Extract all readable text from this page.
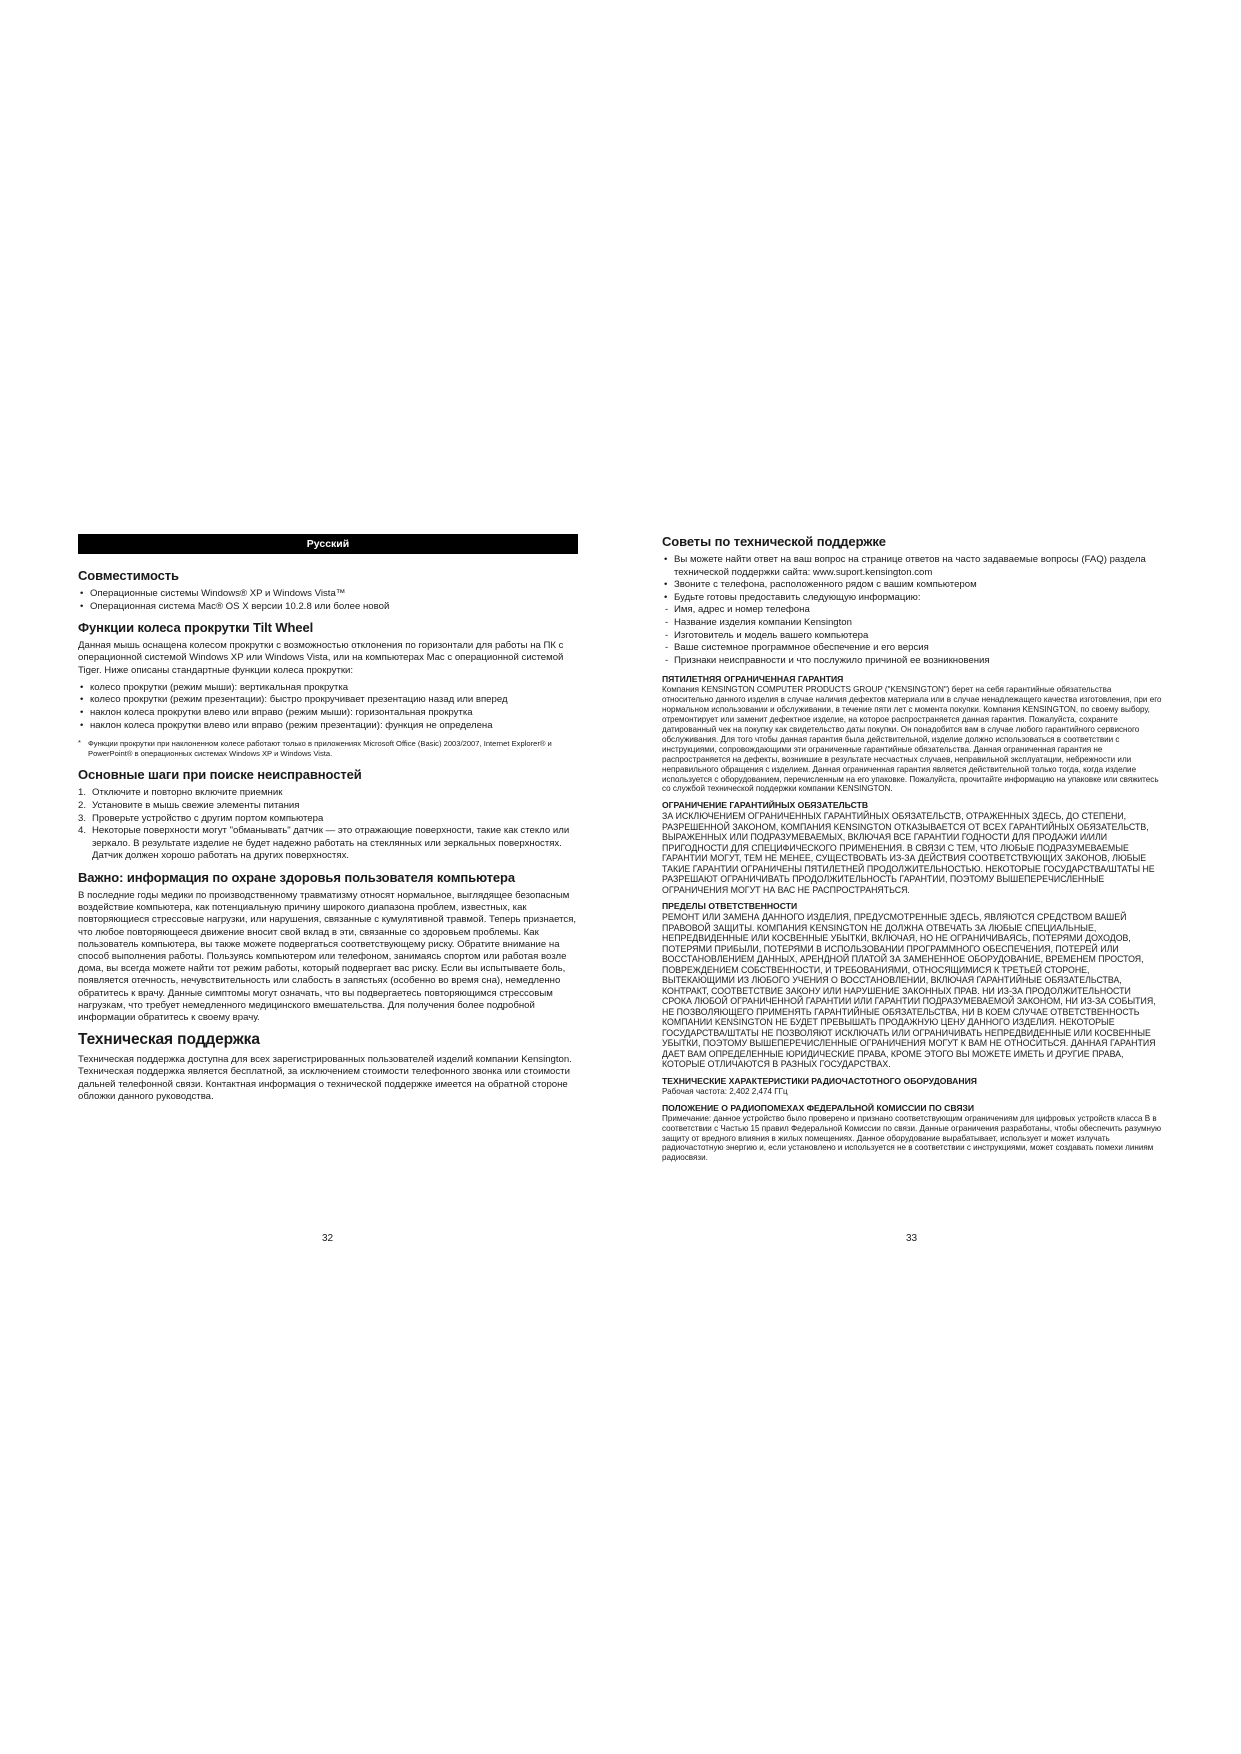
Русский
Совместимость
• Операционные системы Windows® XP и Windows Vista™
• Операционная система Mac® OS X версии 10.2.8 или более новой
Функции колеса прокрутки Tilt Wheel

Данная мышь оснащена колесом прокрутки с возможностью отклонения по горизонтали для работы на ПК с операционной системой Windows XP или Windows Vista, или на компьютерах Mac с операционной системой Tiger. Ниже описаны стандартные функции колеса прокрутки:

• колесо прокрутки (режим мыши): вертикальная прокрутка
• колесо прокрутки (режим презентации): быстро прокручивает презентацию назад или вперед
• наклон колеса прокрутки влево или вправо (режим мыши): горизонтальная прокрутка
• наклон колеса прокрутки влево или вправо (режим презентации): функция не определена
* Функции прокрутки при наклоненном колесе работают только в приложениях Microsoft Office (Basic) 2003/2007, Internet Explorer® и PowerPoint® в операционных системах Windows XP и Windows Vista.
Основные шаги при поиске неисправностей
1. Отключите и повторно включите приемник
2. Установите в мышь свежие элементы питания
3. Проверьте устройство с другим портом компьютера
4. Некоторые поверхности могут "обманывать" датчик — это отражающие поверхности, такие как стекло или зеркало. В результате изделие не будет надежно работать на стеклянных или зеркальных поверхностях. Датчик должен хорошо работать на других поверхностях.
Важно: информация по охране здоровья пользователя компьютера

В последние годы медики по производственному травматизму относят нормальное, выглядящее безопасным воздействие компьютера, как потенциальную причину широкого диапазона проблем, известных, как повторяющиеся стрессовые нагрузки, или нарушения, связанные с кумулятивной травмой. Теперь признается, что любое повторяющееся движение вносит свой вклад в эти, связанные со здоровьем проблемы. Как пользователь компьютера, вы также можете подвергаться соответствующему риску. Обратите внимание на способ выполнения работы. Пользуясь компьютером или телефоном, занимаясь спортом или работая возле дома, вы всегда можете найти тот режим работы, который подвергает вас риску. Если вы испытываете боль, появляется отечность, нечувствительность или слабость в запястьях (особенно во время сна), немедленно обратитесь к врачу. Данные симптомы могут означать, что вы подвергаетесь повторяющимся стрессовым нагрузкам, что требует немедленного медицинского вмешательства. Для получения более подробной информации обратитесь к своему врачу.

Техническая поддержка

Техническая поддержка доступна для всех зарегистрированных пользователей изделий компании Kensington. Техническая поддержка является бесплатной, за исключением стоимости телефонного звонка или стоимости дальней телефонной связи. Контактная информация о технической поддержке имеется на обратной стороне обложки данного руководства.

Советы по технической поддержке
• Вы можете найти ответ на ваш вопрос на странице ответов на часто задаваемые вопросы (FAQ) раздела технической поддержки сайта: www.suport.kensington.com
• Звоните с телефона, расположенного рядом с вашим компьютером
• Будьте готовы предоставить следующую информацию:
- Имя, адрес и номер телефона
- Название изделия компании Kensington
- Изготовитель и модель вашего компьютера
- Ваше системное программное обеспечение и его версия
- Признаки неисправности и что послужило причиной ее возникновения
ПЯТИЛЕТНЯЯ ОГРАНИЧЕННАЯ ГАРАНТИЯ

Компания KENSINGTON COMPUTER PRODUCTS GROUP ("KENSINGTON") берет на себя гарантийные обязательства относительно данного изделия в случае наличия дефектов материала или в случае ненадлежащего качества изготовления, при его нормальном использовании и обслуживании, в течение пяти лет с момента покупки. Компания KENSINGTON, по своему выбору, отремонтирует или заменит дефектное изделие, на которое распространяется данная гарантия. Пожалуйста, сохраните датированный чек на покупку как свидетельство даты покупки. Он понадобится вам в случае любого гарантийного сервисного обслуживания. Для того чтобы данная гарантия была действительной, изделие должно использоваться в соответствии с инструкциями, сопровождающими эти ограниченные гарантийные обязательства. Данная ограниченная гарантия не распространяется на дефекты, возникшие в результате несчастных случаев, неправильной эксплуатации, небрежности или неправильного обращения с изделием. Данная ограниченная гарантия является действительной только тогда, когда изделие используется с оборудованием, перечисленным на его упаковке. Пожалуйста, прочитайте информацию на упаковке или свяжитесь со службой технической поддержки компании KENSINGTON.

ОГРАНИЧЕНИЕ ГАРАНТИЙНЫХ ОБЯЗАТЕЛЬСТВ

ЗА ИСКЛЮЧЕНИЕМ ОГРАНИЧЕННЫХ ГАРАНТИЙНЫХ ОБЯЗАТЕЛЬСТВ, ОТРАЖЕННЫХ ЗДЕСЬ, ДО СТЕПЕНИ, РАЗРЕШЕННОЙ ЗАКОНОМ, КОМПАНИЯ KENSINGTON ОТКАЗЫВАЕТСЯ ОТ ВСЕХ ГАРАНТИЙНЫХ ОБЯЗАТЕЛЬСТВ, ВЫРАЖЕННЫХ ИЛИ ПОДРАЗУМЕВАЕМЫХ, ВКЛЮЧАЯ ВСЕ ГАРАНТИИ ГОДНОСТИ ДЛЯ ПРОДАЖИ И/ИЛИ ПРИГОДНОСТИ ДЛЯ СПЕЦИФИЧЕСКОГО ПРИМЕНЕНИЯ. В СВЯЗИ С ТЕМ, ЧТО ЛЮБЫЕ ПОДРАЗУМЕВАЕМЫЕ ГАРАНТИИ МОГУТ, ТЕМ НЕ МЕНЕЕ, СУЩЕСТВОВАТЬ ИЗ-ЗА ДЕЙСТВИЯ СООТВЕТСТВУЮЩИХ ЗАКОНОВ, ЛЮБЫЕ ТАКИЕ ГАРАНТИИ ОГРАНИЧЕНЫ ПЯТИЛЕТНЕЙ ПРОДОЛЖИТЕЛЬНОСТЬЮ. НЕКОТОРЫЕ ГОСУДАРСТВА/ШТАТЫ НЕ РАЗРЕШАЮТ ОГРАНИЧИВАТЬ ПРОДОЛЖИТЕЛЬНОСТЬ ГАРАНТИИ, ПОЭТОМУ ВЫШЕПЕРЕЧИСЛЕННЫЕ ОГРАНИЧЕНИЯ МОГУТ НА ВАС НЕ РАСПРОСТРАНЯТЬСЯ.

ПРЕДЕЛЫ ОТВЕТСТВЕННОСТИ

РЕМОНТ ИЛИ ЗАМЕНА ДАННОГО ИЗДЕЛИЯ, ПРЕДУСМОТРЕННЫЕ ЗДЕСЬ, ЯВЛЯЮТСЯ СРЕДСТВОМ ВАШЕЙ ПРАВОВОЙ ЗАЩИТЫ. КОМПАНИЯ KENSINGTON НЕ ДОЛЖНА ОТВЕЧАТЬ ЗА ЛЮБЫЕ СПЕЦИАЛЬНЫЕ, НЕПРЕДВИДЕННЫЕ ИЛИ КОСВЕННЫЕ УБЫТКИ, ВКЛЮЧАЯ, НО НЕ ОГРАНИЧИВАЯСЬ, ПОТЕРЯМИ ДОХОДОВ, ПОТЕРЯМИ ПРИБЫЛИ, ПОТЕРЯМИ В ИСПОЛЬЗОВАНИИ ПРОГРАММНОГО ОБЕСПЕЧЕНИЯ, ПОТЕРЕЙ ИЛИ ВОССТАНОВЛЕНИЕМ ДАННЫХ, АРЕНДНОЙ ПЛАТОЙ ЗА ЗАМЕНЕННОЕ ОБОРУДОВАНИЕ, ВРЕМЕНЕМ ПРОСТОЯ, ПОВРЕЖДЕНИЕМ СОБСТВЕННОСТИ, И ТРЕБОВАНИЯМИ, ОТНОСЯЩИМИСЯ К ТРЕТЬЕЙ СТОРОНЕ, ВЫТЕКАЮЩИМИ ИЗ ЛЮБОГО УЧЕНИЯ О ВОССТАНОВЛЕНИИ, ВКЛЮЧАЯ ГАРАНТИЙНЫЕ ОБЯЗАТЕЛЬСТВА, КОНТРАКТ, СООТВЕТСТВИЕ ЗАКОНУ ИЛИ НАРУШЕНИЕ ЗАКОННЫХ ПРАВ. НИ ИЗ-ЗА ПРОДОЛЖИТЕЛЬНОСТИ СРОКА ЛЮБОЙ ОГРАНИЧЕННОЙ ГАРАНТИИ ИЛИ ГАРАНТИИ ПОДРАЗУМЕВАЕМОЙ ЗАКОНОМ, НИ ИЗ-ЗА СОБЫТИЯ, НЕ ПОЗВОЛЯЮЩЕГО ПРИМЕНЯТЬ ГАРАНТИЙНЫЕ ОБЯЗАТЕЛЬСТВА, НИ В КОЕМ СЛУЧАЕ ОТВЕТСТВЕННОСТЬ КОМПАНИИ KENSINGTON НЕ БУДЕТ ПРЕВЫШАТЬ ПРОДАЖНУЮ ЦЕНУ ДАННОГО ИЗДЕЛИЯ. НЕКОТОРЫЕ ГОСУДАРСТВА/ШТАТЫ НЕ ПОЗВОЛЯЮТ ИСКЛЮЧАТЬ ИЛИ ОГРАНИЧИВАТЬ НЕПРЕДВИДЕННЫЕ ИЛИ КОСВЕННЫЕ УБЫТКИ, ПОЭТОМУ ВЫШЕПЕРЕЧИСЛЕННЫЕ ОГРАНИЧЕНИЯ МОГУТ К ВАМ НЕ ОТНОСИТЬСЯ. ДАННАЯ ГАРАНТИЯ ДАЕТ ВАМ ОПРЕДЕЛЕННЫЕ ЮРИДИЧЕСКИЕ ПРАВА, КРОМЕ ЭТОГО ВЫ МОЖЕТЕ ИМЕТЬ И ДРУГИЕ ПРАВА, КОТОРЫЕ ОТЛИЧАЮТСЯ В РАЗНЫХ ГОСУДАРСТВАХ.

ТЕХНИЧЕСКИЕ ХАРАКТЕРИСТИКИ РАДИОЧАСТОТНОГО ОБОРУДОВАНИЯ

Рабочая частота: 2,402 2,474 ГГц

ПОЛОЖЕНИЕ О РАДИОПОМЕХАХ ФЕДЕРАЛЬНОЙ КОМИССИИ ПО СВЯЗИ

Примечание: данное устройство было проверено и признано соответствующим ограничениям для цифровых устройств класса B в соответствии с Частью 15 правил Федеральной Комиссии по связи. Данные ограничения разработаны, чтобы обеспечить разумную защиту от вредного влияния в жилых помещениях. Данное оборудование вырабатывает, использует и может излучать радиочастотную энергию и, если установлено и используется не в соответствии с инструкциями, может создавать помехи линиям радиосвязи.

32	33
